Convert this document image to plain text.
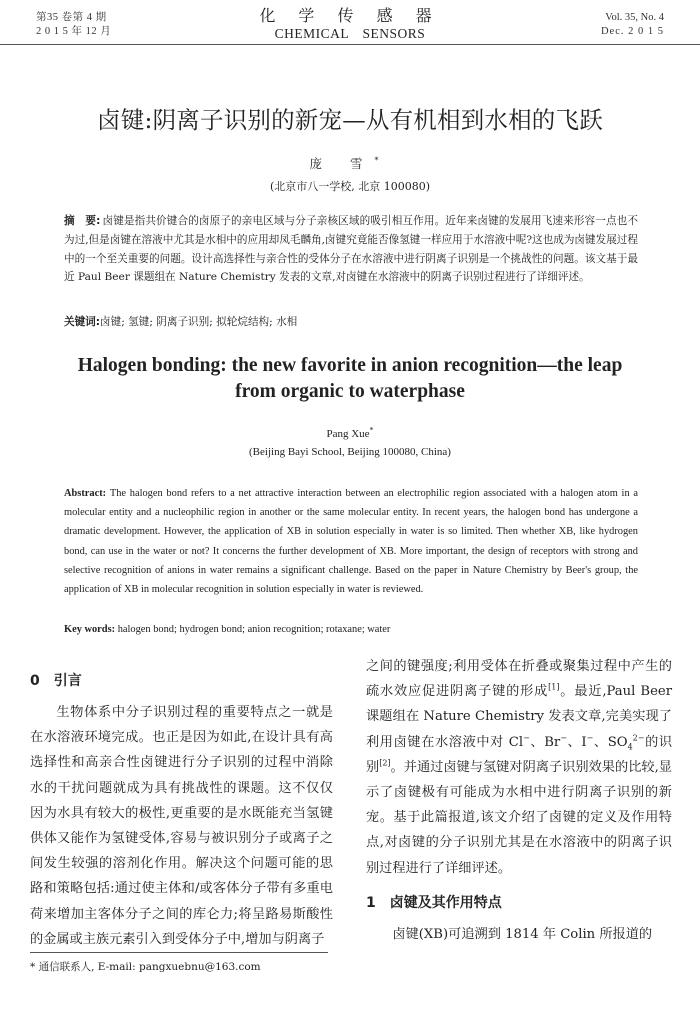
第35 卷第 4 期
2 0 1 5 年 12 月
化 学 传 感 器
CHEMICAL SENSORS
Vol. 35, No. 4
Dec. 2 0 1 5
卤键:阴离子识别的新宠—从有机相到水相的飞跃
庞 雪*
(北京市八一学校, 北京 100080)
摘　要: 卤键是指共价键合的卤原子的亲电区域与分子亲核区域的吸引相互作用。近年来卤键的发展用飞速来形容一点也不为过,但是卤键在溶液中尤其是水相中的应用却凤毛麟角,卤键究竟能否像氢键一样应用于水溶液中呢?这也成为卤键发展过程中的一个至关重要的问题。设计高选择性与亲合性的受体分子在水溶液中进行阴离子识别是一个挑战性的问题。该文基于最近 Paul Beer 课题组在 Nature Chemistry 发表的文章,对卤键在水溶液中的阴离子识别过程进行了详细评述。
关键词:卤键; 氢键; 阴离子识别; 拟轮烷结构; 水相
Halogen bonding: the new favorite in anion recognition—the leap
from organic to waterphase
Pang Xue*
(Beijing Bayi School, Beijing 100080, China)
Abstract: The halogen bond refers to a net attractive interaction between an electrophilic region associated with a halogen atom in a molecular entity and a nucleophilic region in another or the same molecular entity. In recent years, the halogen bond has undergone a dramatic development. However, the application of XB in solution especially in water is so limited. Then whether XB, like hydrogen bond, can use in the water or not? It concerns the further development of XB. More important, the design of receptors with strong and selective recognition of anions in water remains a significant challenge. Based on the paper in Nature Chemistry by Beer's group, the application of XB in molecular recognition in solution especially in water is reviewed.
Key words: halogen bond; hydrogen bond; anion recognition; rotaxane; water
0 引言

生物体系中分子识别过程的重要特点之一就是在水溶液环境完成。也正是因为如此,在设计具有高选择性和高亲合性卤键进行分子识别的过程中消除水的干扰问题就成为具有挑战性的课题。这不仅仅因为水具有较大的极性,更重要的是水既能充当氢键供体又能作为氢键受体,容易与被识别分子或离子之间发生较强的溶剂化作用。解决这个问题可能的思路和策略包括:通过使主体和/或客体分子带有多重电荷来增加主客体分子之间的库仑力;将呈路易斯酸性的金属或主族元素引入到受体分子中,增加与阴离子

之间的键强度;利用受体在折叠或聚集过程中产生的疏水效应促进阴离子键的形成[1]。最近,Paul Beer 课题组在 Nature Chemistry 发表文章,完美实现了利用卤键在水溶液中对 Cl−、Br−、I−、$SO_4^{2-}$的识别[2]。并通过卤键与氢键对阴离子识别效果的比较,显示了卤键极有可能成为水相中进行阴离子识别的新宠。基于此篇报道,该文介绍了卤键的定义及作用特点,对卤键的分子识别尤其是在水溶液中的阴离子识别过程进行了详细评述。

1 卤键及其作用特点

卤键(XB)可追溯到 1814 年 Colin 所报道的

* 通信联系人, E-mail: pangxuebnu@163.com
